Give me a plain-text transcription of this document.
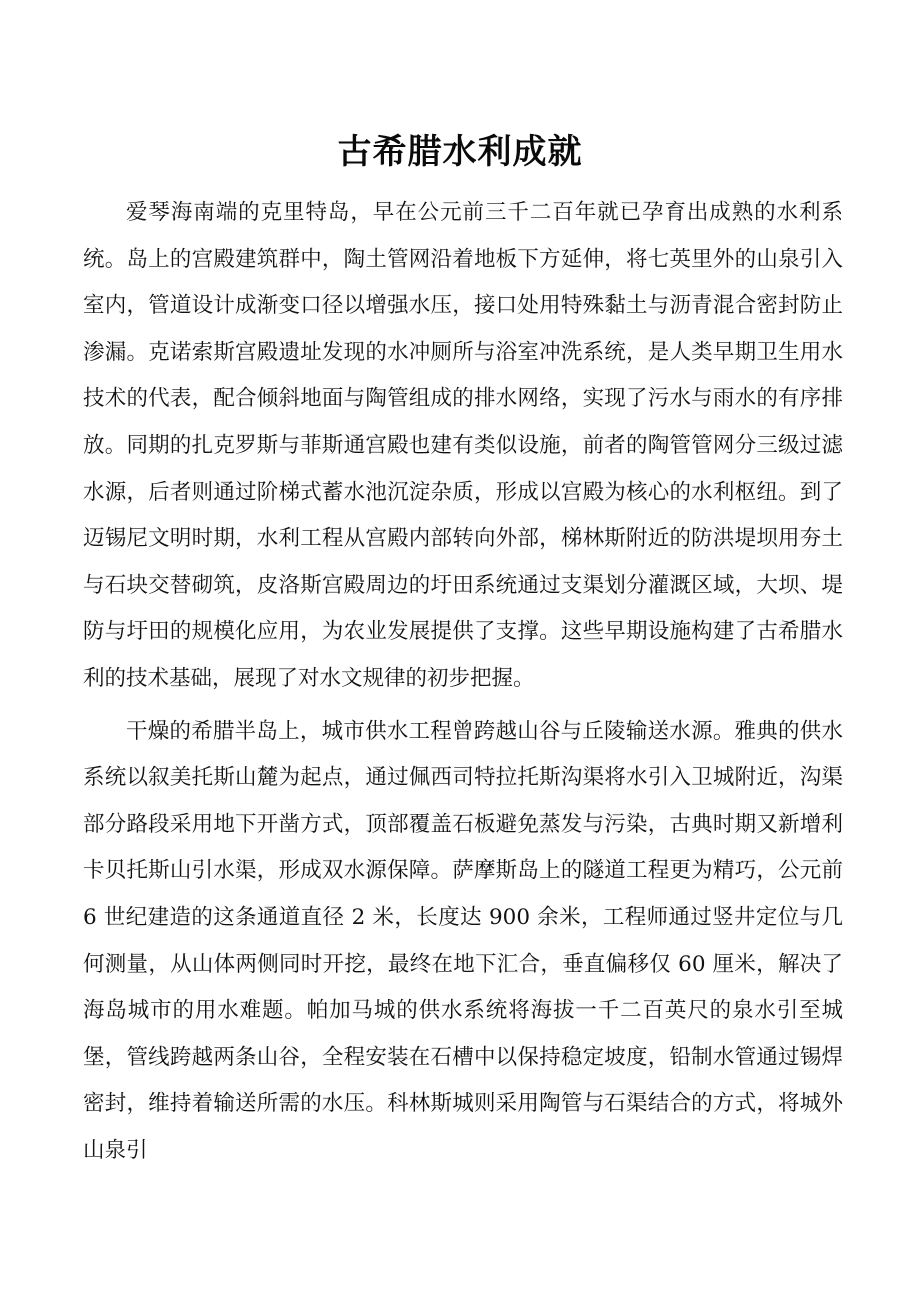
古希腊水利成就

爱琴海南端的克里特岛，早在公元前三千二百年就已孕育出成熟的水利系统。岛上的宫殿建筑群中，陶土管网沿着地板下方延伸，将七英里外的山泉引入室内，管道设计成渐变口径以增强水压，接口处用特殊黏土与沥青混合密封防止渗漏。克诺索斯宫殿遗址发现的水冲厕所与浴室冲洗系统，是人类早期卫生用水技术的代表，配合倾斜地面与陶管组成的排水网络，实现了污水与雨水的有序排放。同期的扎克罗斯与菲斯通宫殿也建有类似设施，前者的陶管管网分三级过滤水源，后者则通过阶梯式蓄水池沉淀杂质，形成以宫殿为核心的水利枢纽。到了迈锡尼文明时期，水利工程从宫殿内部转向外部，梯林斯附近的防洪堤坝用夯土与石块交替砌筑，皮洛斯宫殿周边的圩田系统通过支渠划分灌溉区域，大坝、堤防与圩田的规模化应用，为农业发展提供了支撑。这些早期设施构建了古希腊水利的技术基础，展现了对水文规律的初步把握。

干燥的希腊半岛上，城市供水工程曾跨越山谷与丘陵输送水源。雅典的供水系统以叙美托斯山麓为起点，通过佩西司特拉托斯沟渠将水引入卫城附近，沟渠部分路段采用地下开凿方式，顶部覆盖石板避免蒸发与污染，古典时期又新增利卡贝托斯山引水渠，形成双水源保障。萨摩斯岛上的隧道工程更为精巧，公元前 6 世纪建造的这条通道直径 2 米，长度达 900 余米，工程师通过竖井定位与几何测量，从山体两侧同时开挖，最终在地下汇合，垂直偏移仅 60 厘米，解决了海岛城市的用水难题。帕加马城的供水系统将海拔一千二百英尺的泉水引至城堡，管线跨越两条山谷，全程安装在石槽中以保持稳定坡度，铅制水管通过锡焊密封，维持着输送所需的水压。科林斯城则采用陶管与石渠结合的方式，将城外山泉引
